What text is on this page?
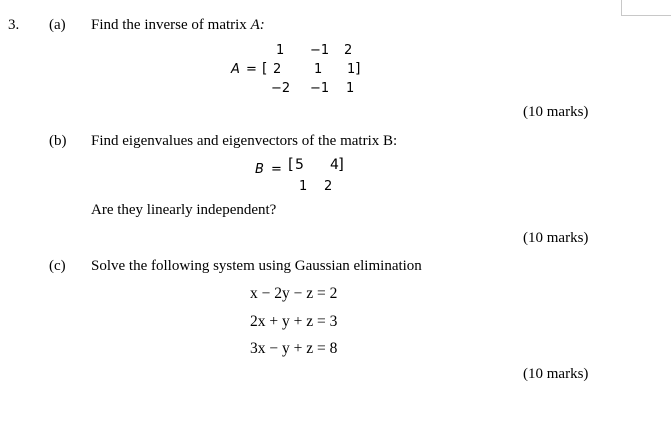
3. (a) Find the inverse of matrix A:
1 −1 2
A = [ 2	1 1 ]
−2 −1 1
(10 marks)
(b) Find eigenvalues and eigenvectors of the matrix B:
B = [ 5 4 ]
1 2
Are they linearly independent?
(10 marks)
(c) Solve the following system using Gaussian elimination
x − 2y − z = 2
2x + y + z = 3
3x − y + z = 8
(10 marks)
